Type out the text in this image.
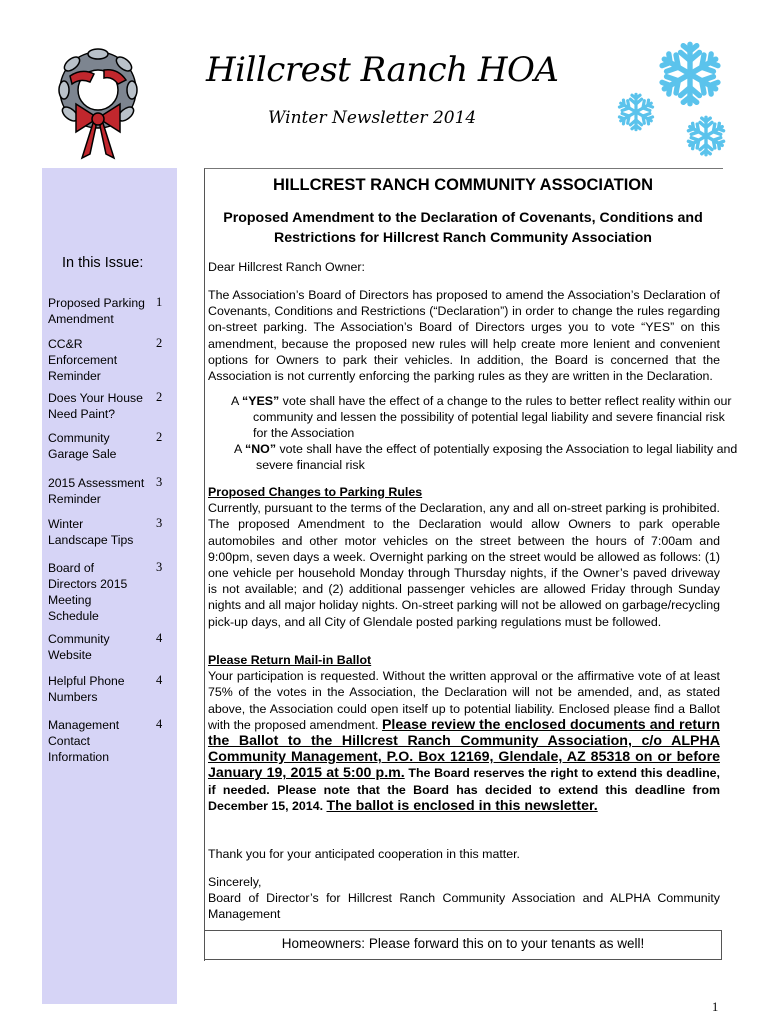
Hillcrest Ranch HOA
Winter Newsletter 2014
In this Issue:
Proposed Parking Amendment
1
CC&R Enforcement Reminder
2
Does Your House Need Paint?
2
Community Garage Sale
2
2015 Assessment Reminder
3
Winter Landscape Tips
3
Board of Directors 2015 Meeting Schedule
3
Community Website
4
Helpful Phone Numbers
4
Management Contact Information
4
HILLCREST RANCH COMMUNITY ASSOCIATION
Proposed Amendment to the Declaration of Covenants, Conditions and Restrictions for Hillcrest Ranch Community Association
Dear Hillcrest Ranch Owner:
The Association’s Board of Directors has proposed to amend the Association’s Declaration of Covenants, Conditions and Restrictions (“Declaration”) in order to change the rules regarding on-street parking. The Association’s Board of Directors urges you to vote “YES” on this amendment, because the proposed new rules will help create more lenient and convenient options for Owners to park their vehicles. In addition, the Board is concerned that the Association is not currently enforcing the parking rules as they are written in the Declaration.
A “YES” vote shall have the effect of a change to the rules to better reflect reality within our community and lessen the possibility of potential legal liability and severe financial risk for the Association
A “NO” vote shall have the effect of potentially exposing the Association to legal liability and severe financial risk
Proposed Changes to Parking Rules
Currently, pursuant to the terms of the Declaration, any and all on-street parking is prohibited. The proposed Amendment to the Declaration would allow Owners to park operable automobiles and other motor vehicles on the street between the hours of 7:00am and 9:00pm, seven days a week. Overnight parking on the street would be allowed as follows: (1) one vehicle per household Monday through Thursday nights, if the Owner’s paved driveway is not available; and (2) additional passenger vehicles are allowed Friday through Sunday nights and all major holiday nights. On-street parking will not be allowed on garbage/recycling pick-up days, and all City of Glendale posted parking regulations must be followed.
Please Return Mail-in Ballot
Your participation is requested. Without the written approval or the affirmative vote of at least 75% of the votes in the Association, the Declaration will not be amended, and, as stated above, the Association could open itself up to potential liability. Enclosed please find a Ballot with the proposed amendment. Please review the enclosed documents and return the Ballot to the Hillcrest Ranch Community Association, c/o ALPHA Community Management, P.O. Box 12169, Glendale, AZ 85318 on or before January 19, 2015 at 5:00 p.m. The Board reserves the right to extend this deadline, if needed. Please note that the Board has decided to extend this deadline from December 15, 2014. The ballot is enclosed in this newsletter.
Thank you for your anticipated cooperation in this matter.
Sincerely,
Board of Director’s for Hillcrest Ranch Community Association and ALPHA Community Management
Homeowners: Please forward this on to your tenants as well!
1
